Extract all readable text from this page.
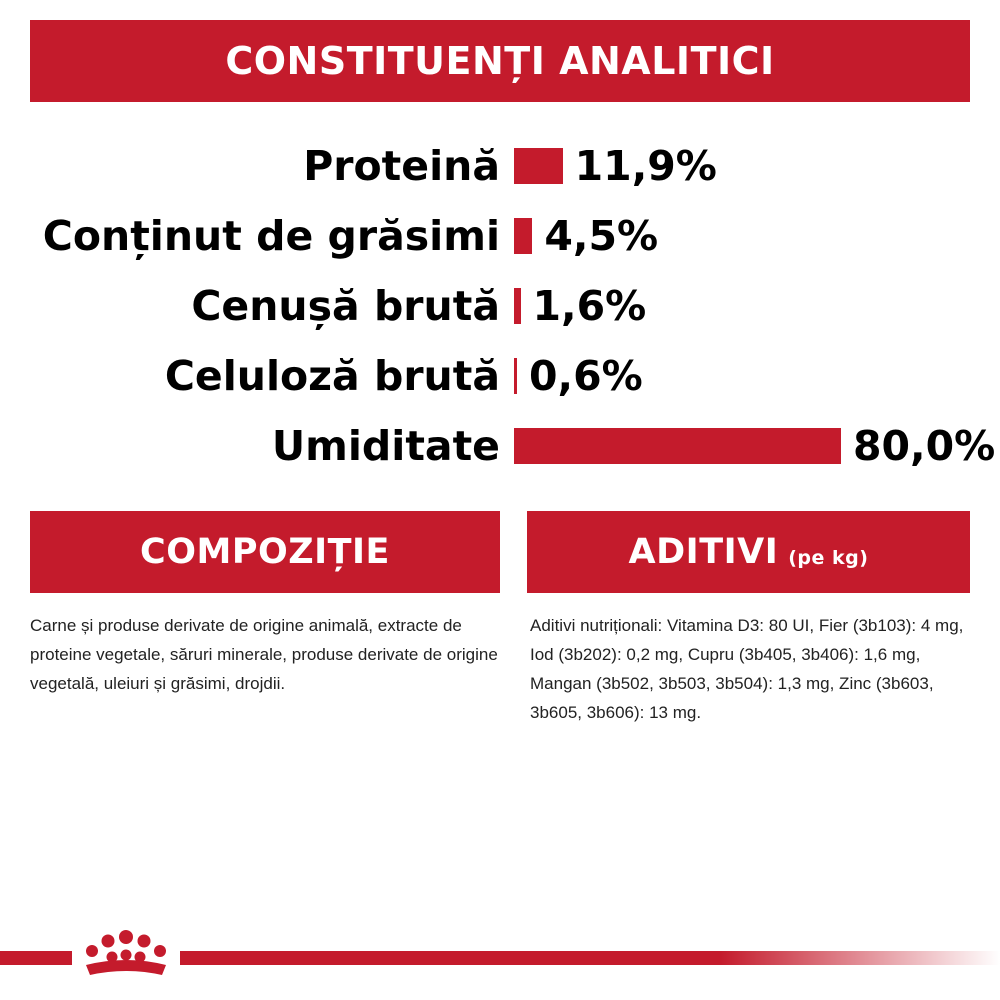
CONSTITUENȚI ANALITICI
Proteină 11,9%
Conținut de grăsimi 4,5%
Cenușă brută 1,6%
Celuloză brută 0,6%
Umiditate	80,0%
COMPOZIȚIE
Carne și produse derivate de origine animală, extracte de proteine vegetale, săruri minerale, produse derivate de origine vegetală, uleiuri și grăsimi, drojdii.
ADITIVI (pe kg)
Aditivi nutriționali: Vitamina D3: 80 UI, Fier (3b103): 4 mg, Iod (3b202): 0,2 mg, Cupru (3b405, 3b406): 1,6 mg, Mangan (3b502, 3b503, 3b504): 1,3 mg, Zinc (3b603, 3b605, 3b606): 13 mg.
